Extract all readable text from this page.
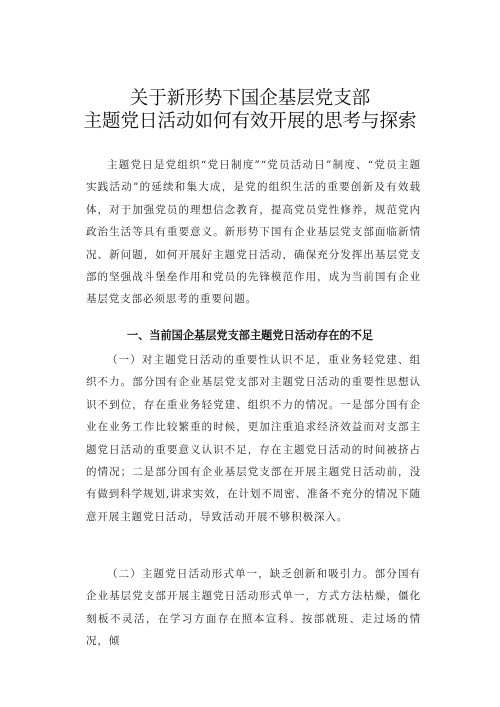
关于新形势下国企基层党支部
主题党日活动如何有效开展的思考与探索

主题党日是党组织“党日制度”“党员活动日”制度、“党员主题实践活动”的延续和集大成，是党的组织生活的重要创新及有效载体，对于加强党员的理想信念教育，提高党员党性修养，规范党内政治生活等具有重要意义。新形势下国有企业基层党支部面临新情况、新问题，如何开展好主题党日活动，确保充分发挥出基层党支部的坚强战斗堡垒作用和党员的先锋模范作用，成为当前国有企业基层党支部必须思考的重要问题。

一、当前国企基层党支部主题党日活动存在的不足

（一）对主题党日活动的重要性认识不足，重业务轻党建、组织不力。部分国有企业基层党支部对主题党日活动的重要性思想认识不到位，存在重业务轻党建、组织不力的情况。一是部分国有企业在业务工作比较繁重的时候，更加注重追求经济效益而对支部主题党日活动的重要意义认识不足，存在主题党日活动的时间被挤占的情况；二是部分国有企业基层党支部在开展主题党日活动前，没有做到科学规划,讲求实效，在计划不周密、准备不充分的情况下随意开展主题党日活动，导致活动开展不够积极深入。

（二）主题党日活动形式单一，缺乏创新和吸引力。部分国有企业基层党支部开展主题党日活动形式单一，方式方法枯燥，僵化刻板不灵活，在学习方面存在照本宣科、按部就班、走过场的情况，倾
